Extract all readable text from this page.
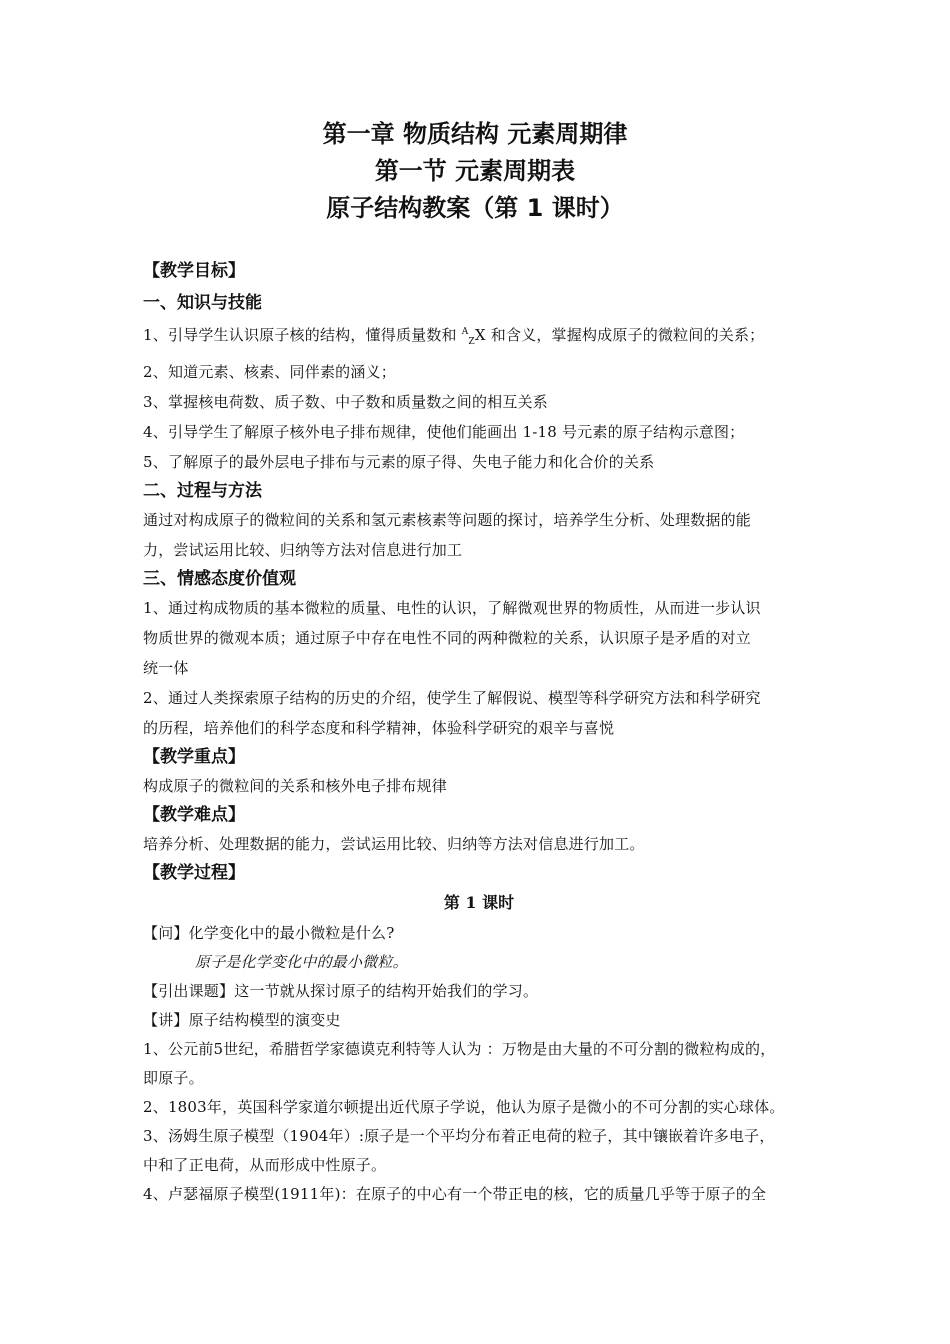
第一章 物质结构 元素周期律

第一节 元素周期表

原子结构教案（第 1 课时）

【教学目标】

一、知识与技能

1、引导学生认识原子核的结构，懂得质量数和 $^A_Z$X 和含义，掌握构成原子的微粒间的关系；

2、知道元素、核素、同伴素的涵义；

3、掌握核电荷数、质子数、中子数和质量数之间的相互关系

4、引导学生了解原子核外电子排布规律，使他们能画出 1-18 号元素的原子结构示意图；

5、了解原子的最外层电子排布与元素的原子得、失电子能力和化合价的关系

二、过程与方法

通过对构成原子的微粒间的关系和氢元素核素等问题的探讨，培养学生分析、处理数据的能

力，尝试运用比较、归纳等方法对信息进行加工

三、情感态度价值观

1、通过构成物质的基本微粒的质量、电性的认识，了解微观世界的物质性，从而进一步认识

物质世界的微观本质；通过原子中存在电性不同的两种微粒的关系，认识原子是矛盾的对立

统一体

2、通过人类探索原子结构的历史的介绍，使学生了解假说、模型等科学研究方法和科学研究

的历程，培养他们的科学态度和科学精神，体验科学研究的艰辛与喜悦

【教学重点】

构成原子的微粒间的关系和核外电子排布规律

【教学难点】

培养分析、处理数据的能力，尝试运用比较、归纳等方法对信息进行加工。

【教学过程】

第 1 课时

【问】化学变化中的最小微粒是什么?

原子是化学变化中的最小微粒。

【引出课题】这一节就从探讨原子的结构开始我们的学习。

【讲】原子结构模型的演变史

1、公元前5世纪，希腊哲学家德谟克利特等人认为 ：万物是由大量的不可分割的微粒构成的，

即原子。

2、1803年，英国科学家道尔顿提出近代原子学说，他认为原子是微小的不可分割的实心球体。

3、汤姆生原子模型（1904年）:原子是一个平均分布着正电荷的粒子，其中镶嵌着许多电子，

中和了正电荷，从而形成中性原子。

4、卢瑟福原子模型(1911年)：在原子的中心有一个带正电的核，它的质量几乎等于原子的全
